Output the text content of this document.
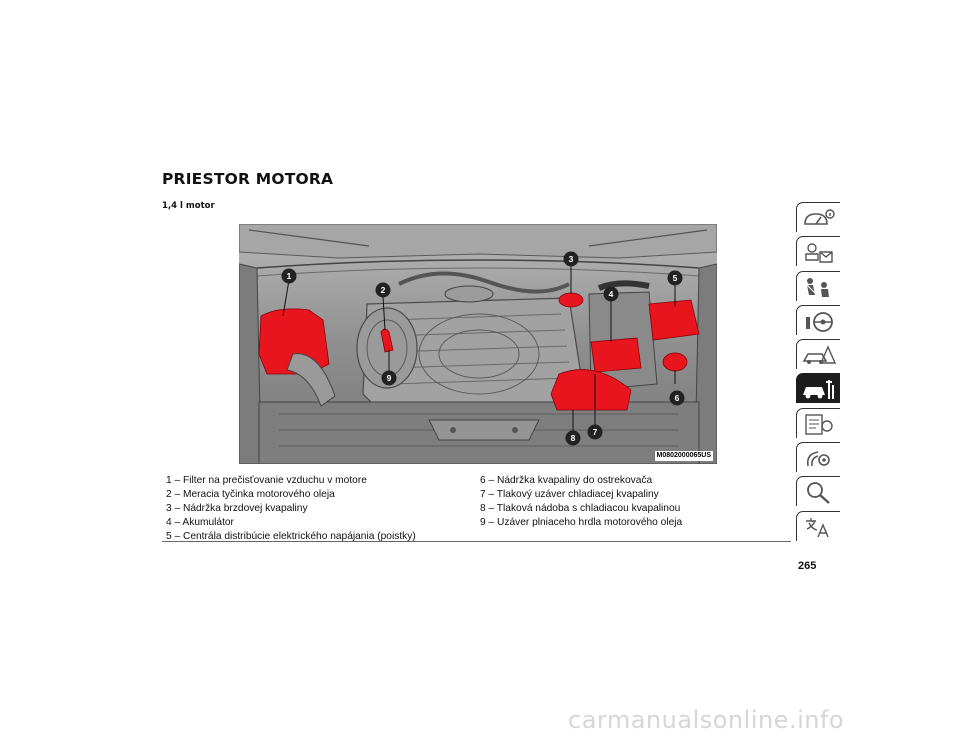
PRIESTOR MOTORA
1,4 l motor
1
2
3
4
5
6
7
8
9
M0802000065US
1 – Filter na prečisťovanie vzduchu v motore
2 – Meracia tyčinka motorového oleja
3 – Nádržka brzdovej kvapaliny
4 – Akumulátor
5 – Centrála distribúcie elektrického napájania (poistky)
6 – Nádržka kvapaliny do ostrekovača
7 – Tlakový uzáver chladiacej kvapaliny
8 – Tlaková nádoba s chladiacou kvapalinou
9 – Uzáver plniaceho hrdla motorového oleja
265
carmanualsonline.info
